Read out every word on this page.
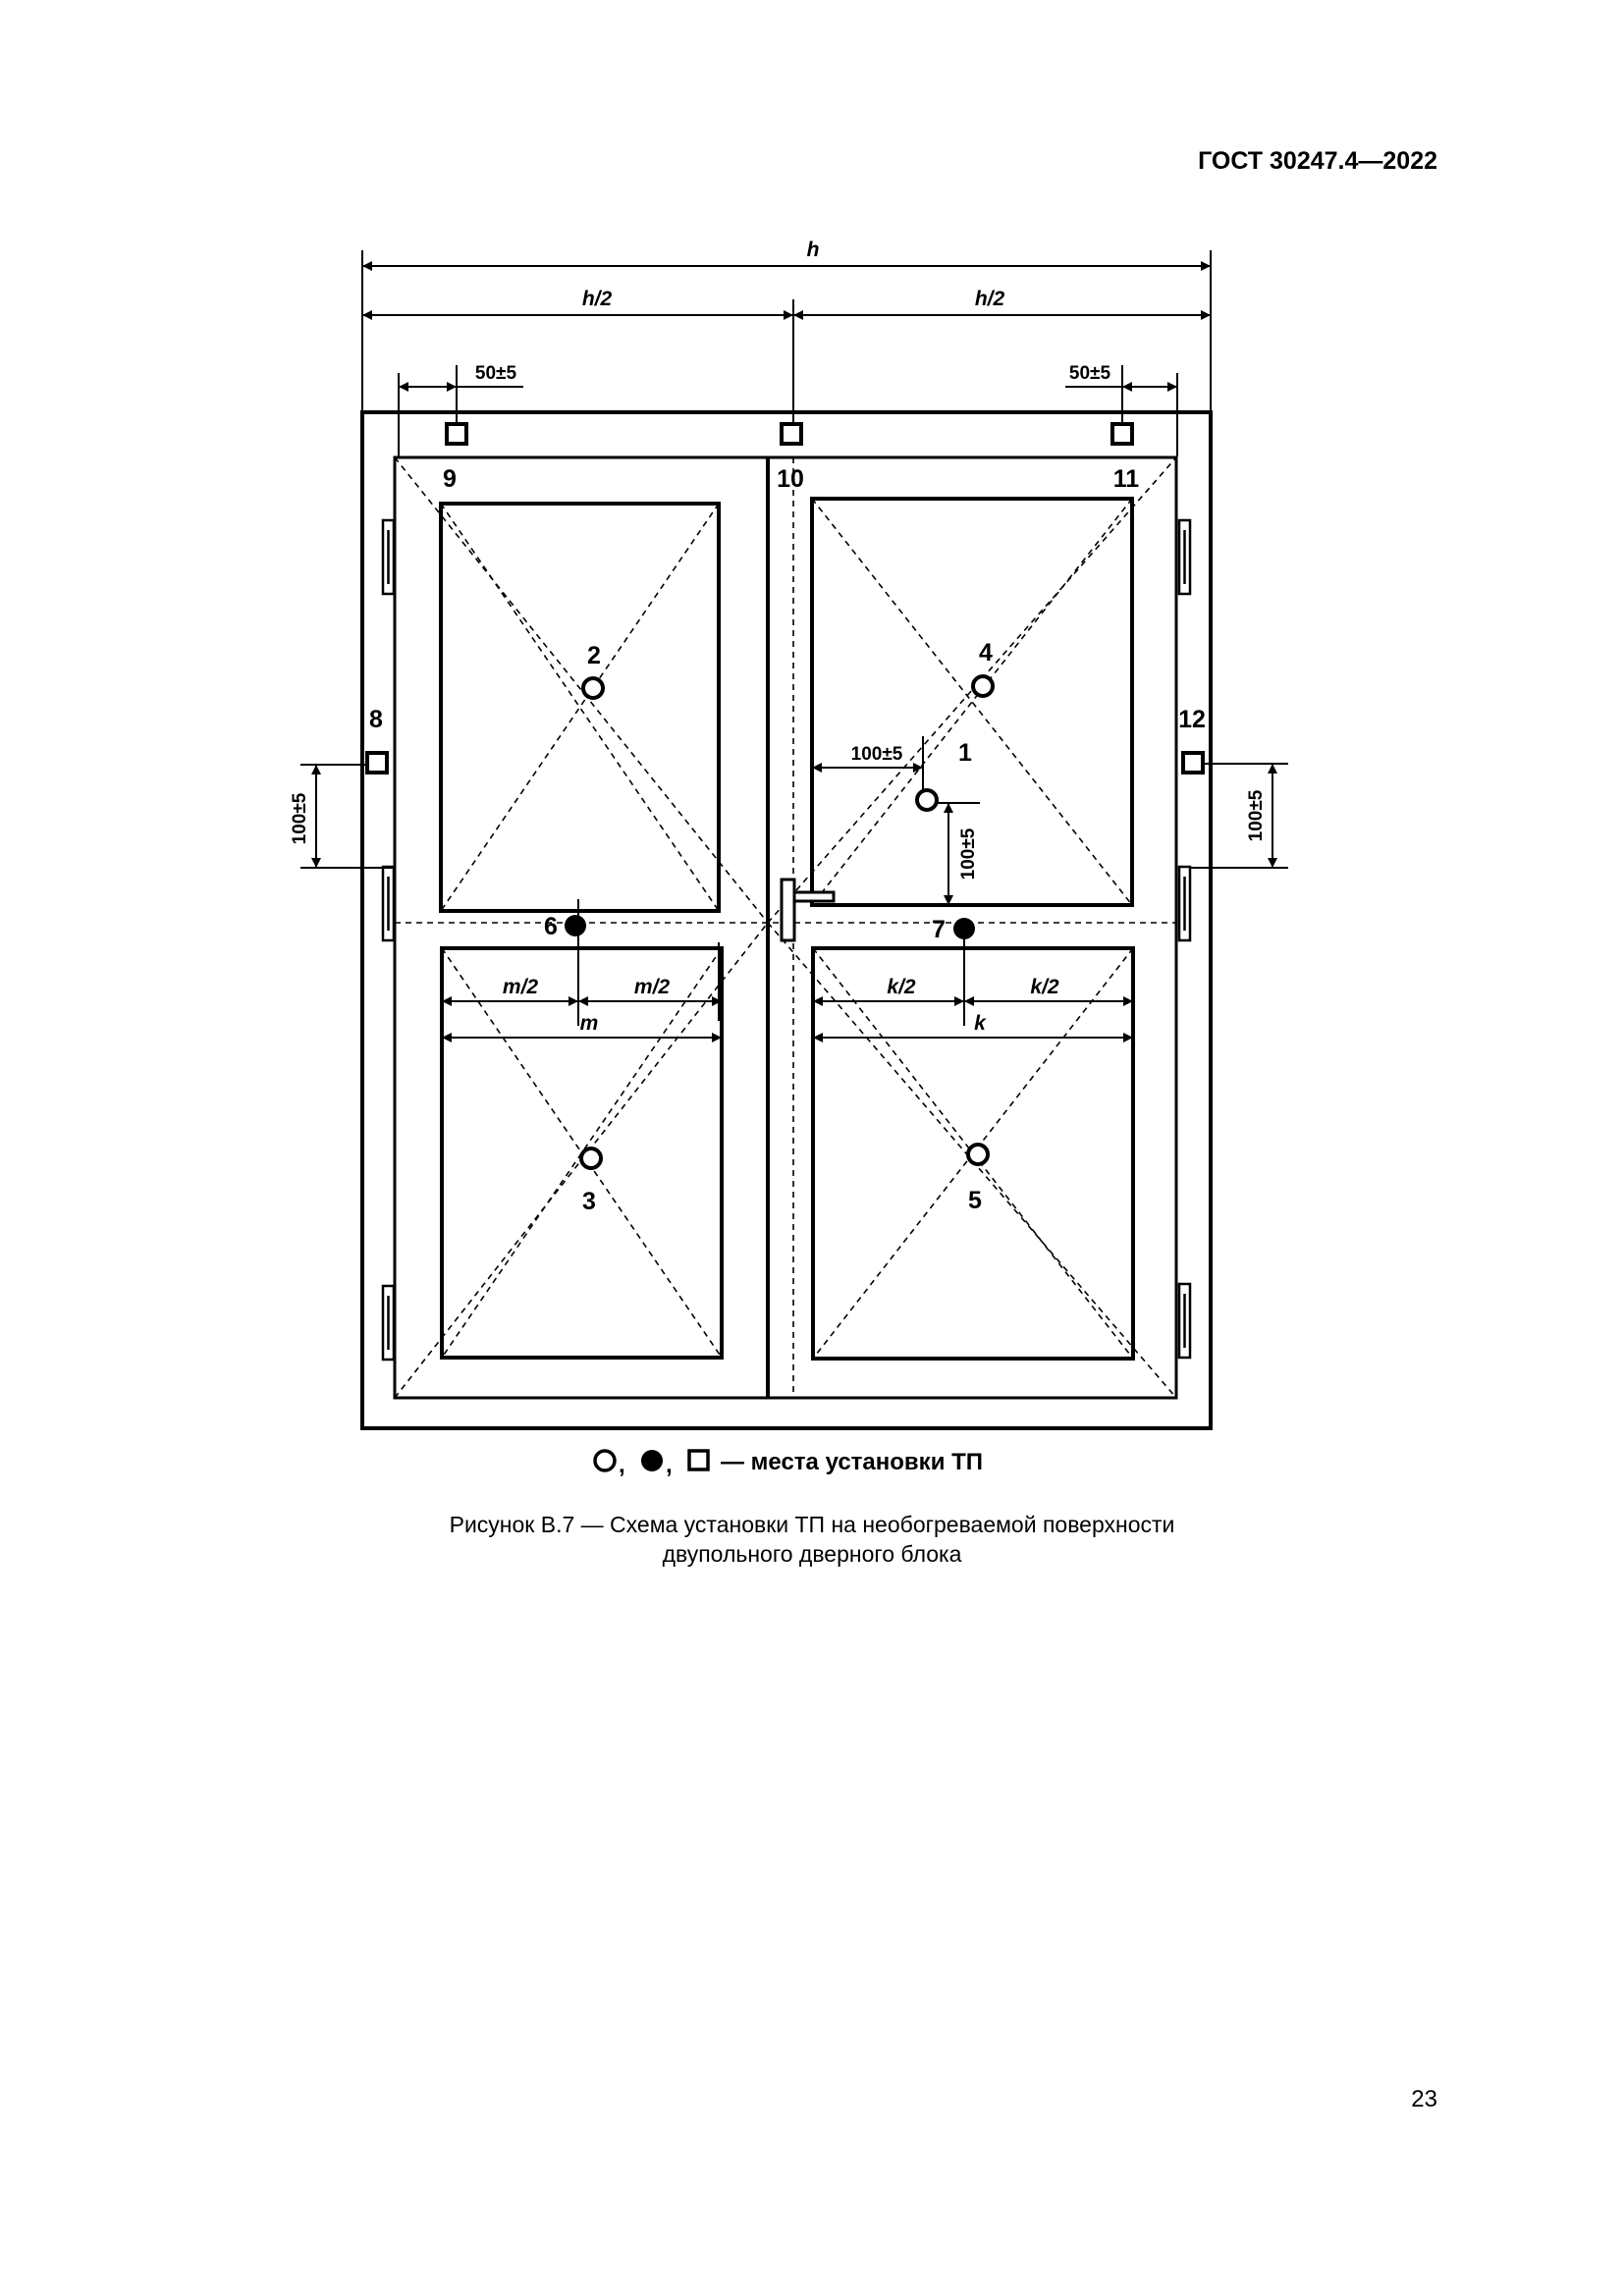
ГОСТ 30247.4—2022
h
h/2	h/2
50±5	50±5
100±5	100±5
100±5
100±5
m/2	m/2
m
k/2	k/2
k
1
2
3
4
5
6	7
8
9	10	11
12
, , — места установки ТП
Рисунок В.7 — Схема установки ТП на необогреваемой поверхности
двупольного дверного блока
23
